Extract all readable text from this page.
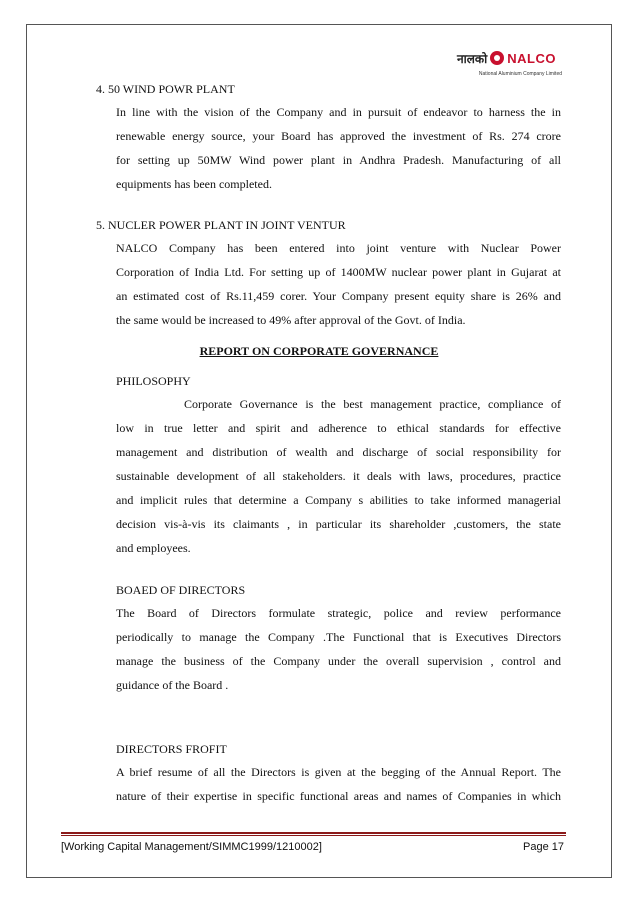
नालको NALCO
National Aluminium Company Limited
4. 50 WIND POWR PLANT
In line with the vision of the Company and in pursuit of endeavor to harness the in
renewable energy source, your Board has approved the investment of Rs. 274 crore
for setting up 50MW Wind power plant in Andhra Pradesh. Manufacturing of all
equipments has been completed.
5. NUCLER POWER PLANT IN JOINT VENTUR
NALCO Company has been entered into joint venture with Nuclear Power
Corporation of India Ltd. For setting up of 1400MW nuclear power plant in Gujarat at
an estimated cost of Rs.11,459 corer. Your Company present equity share is 26% and
the same would be increased to 49% after approval of the Govt. of India.
REPORT ON CORPORATE GOVERNANCE
PHILOSOPHY
Corporate Governance is the best management practice, compliance of
low in true letter and spirit and adherence to ethical standards for effective
management and distribution of wealth and discharge of social responsibility for
sustainable development of all stakeholders. it deals with laws, procedures, practice
and implicit rules that determine a Company s abilities to take informed managerial
decision vis-à-vis its claimants , in particular its shareholder ,customers, the state
and employees.
BOAED OF DIRECTORS
The Board of Directors formulate strategic, police and review performance
periodically to manage the Company .The Functional that is Executives Directors
manage the business of the Company under the overall supervision , control and
guidance of the Board .
DIRECTORS FROFIT
A brief resume of all the Directors is given at the begging of the Annual Report. The
nature of their expertise in specific functional areas and names of Companies in which
[Working Capital Management/SIMMC1999/1210002]	Page 17
